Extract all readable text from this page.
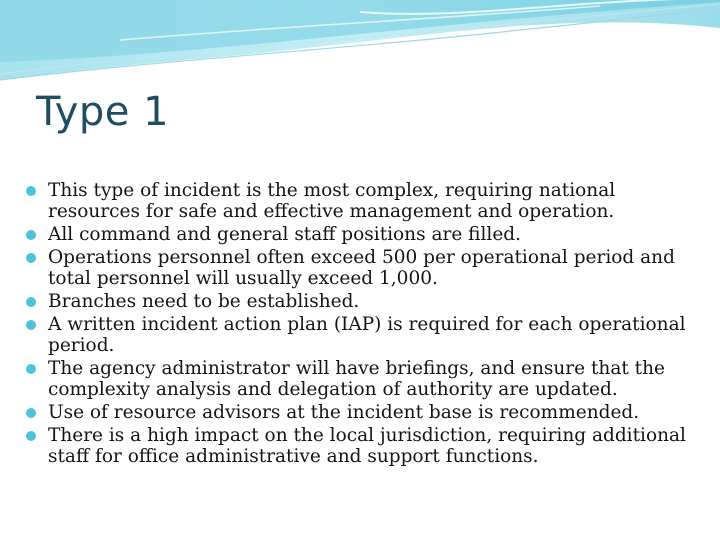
Type 1
This type of incident is the most complex, requiring national resources for safe and effective management and operation.
All command and general staff positions are filled.
Operations personnel often exceed 500 per operational period and total personnel will usually exceed 1,000.
Branches need to be established.
A written incident action plan (IAP) is required for each operational period.
The agency administrator will have briefings, and ensure that the complexity analysis and delegation of authority are updated.
Use of resource advisors at the incident base is recommended.
There is a high impact on the local jurisdiction, requiring additional staff for office administrative and support functions.
